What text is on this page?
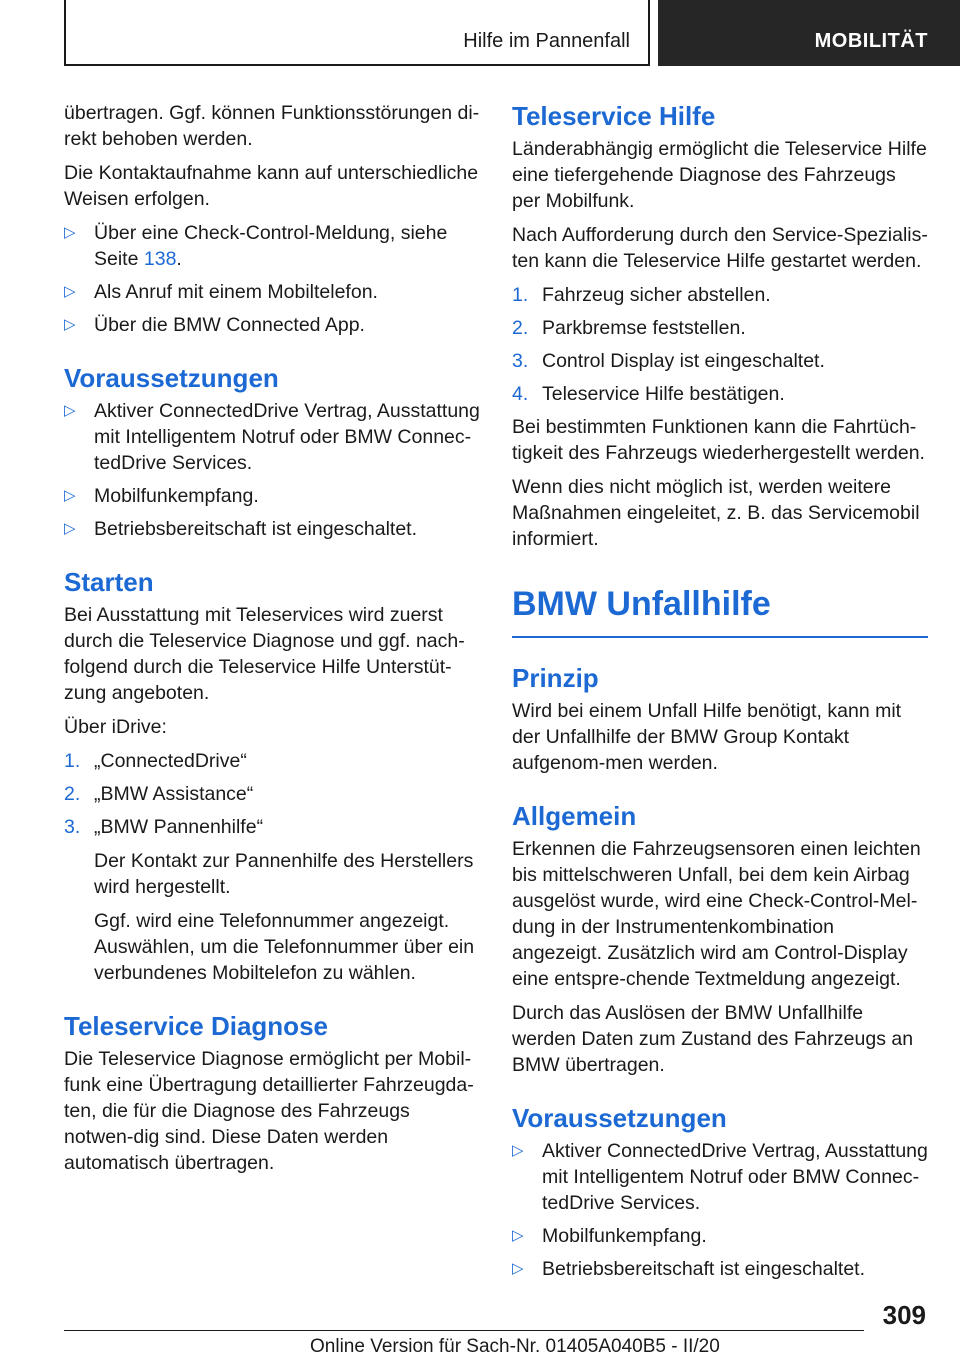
Hilfe im Pannenfall	MOBILITÄT

übertragen. Ggf. können Funktionsstörungen di‐rekt behoben werden.

Die Kontaktaufnahme kann auf unterschiedliche Weisen erfolgen.

▷ Über eine Check-Control-Meldung, siehe Seite 138.
▷ Als Anruf mit einem Mobiltelefon.
▷ Über die BMW Connected App.
Voraussetzungen
▷ Aktiver ConnectedDrive Vertrag, Ausstattung mit Intelligentem Notruf oder BMW Connec‐tedDrive Services.
▷ Mobilfunkempfang.
▷ Betriebsbereitschaft ist eingeschaltet.
Starten

Bei Ausstattung mit Teleservices wird zuerst durch die Teleservice Diagnose und ggf. nach‐folgend durch die Teleservice Hilfe Unterstüt‐zung angeboten.

Über iDrive:

1. „ConnectedDrive“
2. „BMW Assistance“
3. „BMW Pannenhilfe“
Der Kontakt zur Pannenhilfe des Herstellers wird hergestellt.
Ggf. wird eine Telefonnummer angezeigt. Auswählen, um die Telefonnummer über ein verbundenes Mobiltelefon zu wählen.
Teleservice Diagnose

Die Teleservice Diagnose ermöglicht per Mobil‐funk eine Übertragung detaillierter Fahrzeugda‐ten, die für die Diagnose des Fahrzeugs notwen‐dig sind. Diese Daten werden automatisch übertragen.

Teleservice Hilfe

Länderabhängig ermöglicht die Teleservice Hilfe eine tiefergehende Diagnose des Fahrzeugs per Mobilfunk.

Nach Aufforderung durch den Service-Spezialis‐ten kann die Teleservice Hilfe gestartet werden.

1. Fahrzeug sicher abstellen.
2. Parkbremse feststellen.
3. Control Display ist eingeschaltet.
4. Teleservice Hilfe bestätigen.

Bei bestimmten Funktionen kann die Fahrtüch‐tigkeit des Fahrzeugs wiederhergestellt werden.

Wenn dies nicht möglich ist, werden weitere Maßnahmen eingeleitet, z. B. das Servicemobil informiert.

BMW Unfallhilfe
Prinzip

Wird bei einem Unfall Hilfe benötigt, kann mit der Unfallhilfe der BMW Group Kontakt aufgenom‐men werden.

Allgemein

Erkennen die Fahrzeugsensoren einen leichten bis mittelschweren Unfall, bei dem kein Airbag ausgelöst wurde, wird eine Check-Control-Mel‐dung in der Instrumentenkombination angezeigt. Zusätzlich wird am Control-Display eine entspre‐chende Textmeldung angezeigt.

Durch das Auslösen der BMW Unfallhilfe werden Daten zum Zustand des Fahrzeugs an BMW übertragen.

Voraussetzungen
▷ Aktiver ConnectedDrive Vertrag, Ausstattung mit Intelligentem Notruf oder BMW Connec‐tedDrive Services.
▷ Mobilfunkempfang.
▷ Betriebsbereitschaft ist eingeschaltet.
309
Online Version für Sach-Nr. 01405A040B5 - II/20
